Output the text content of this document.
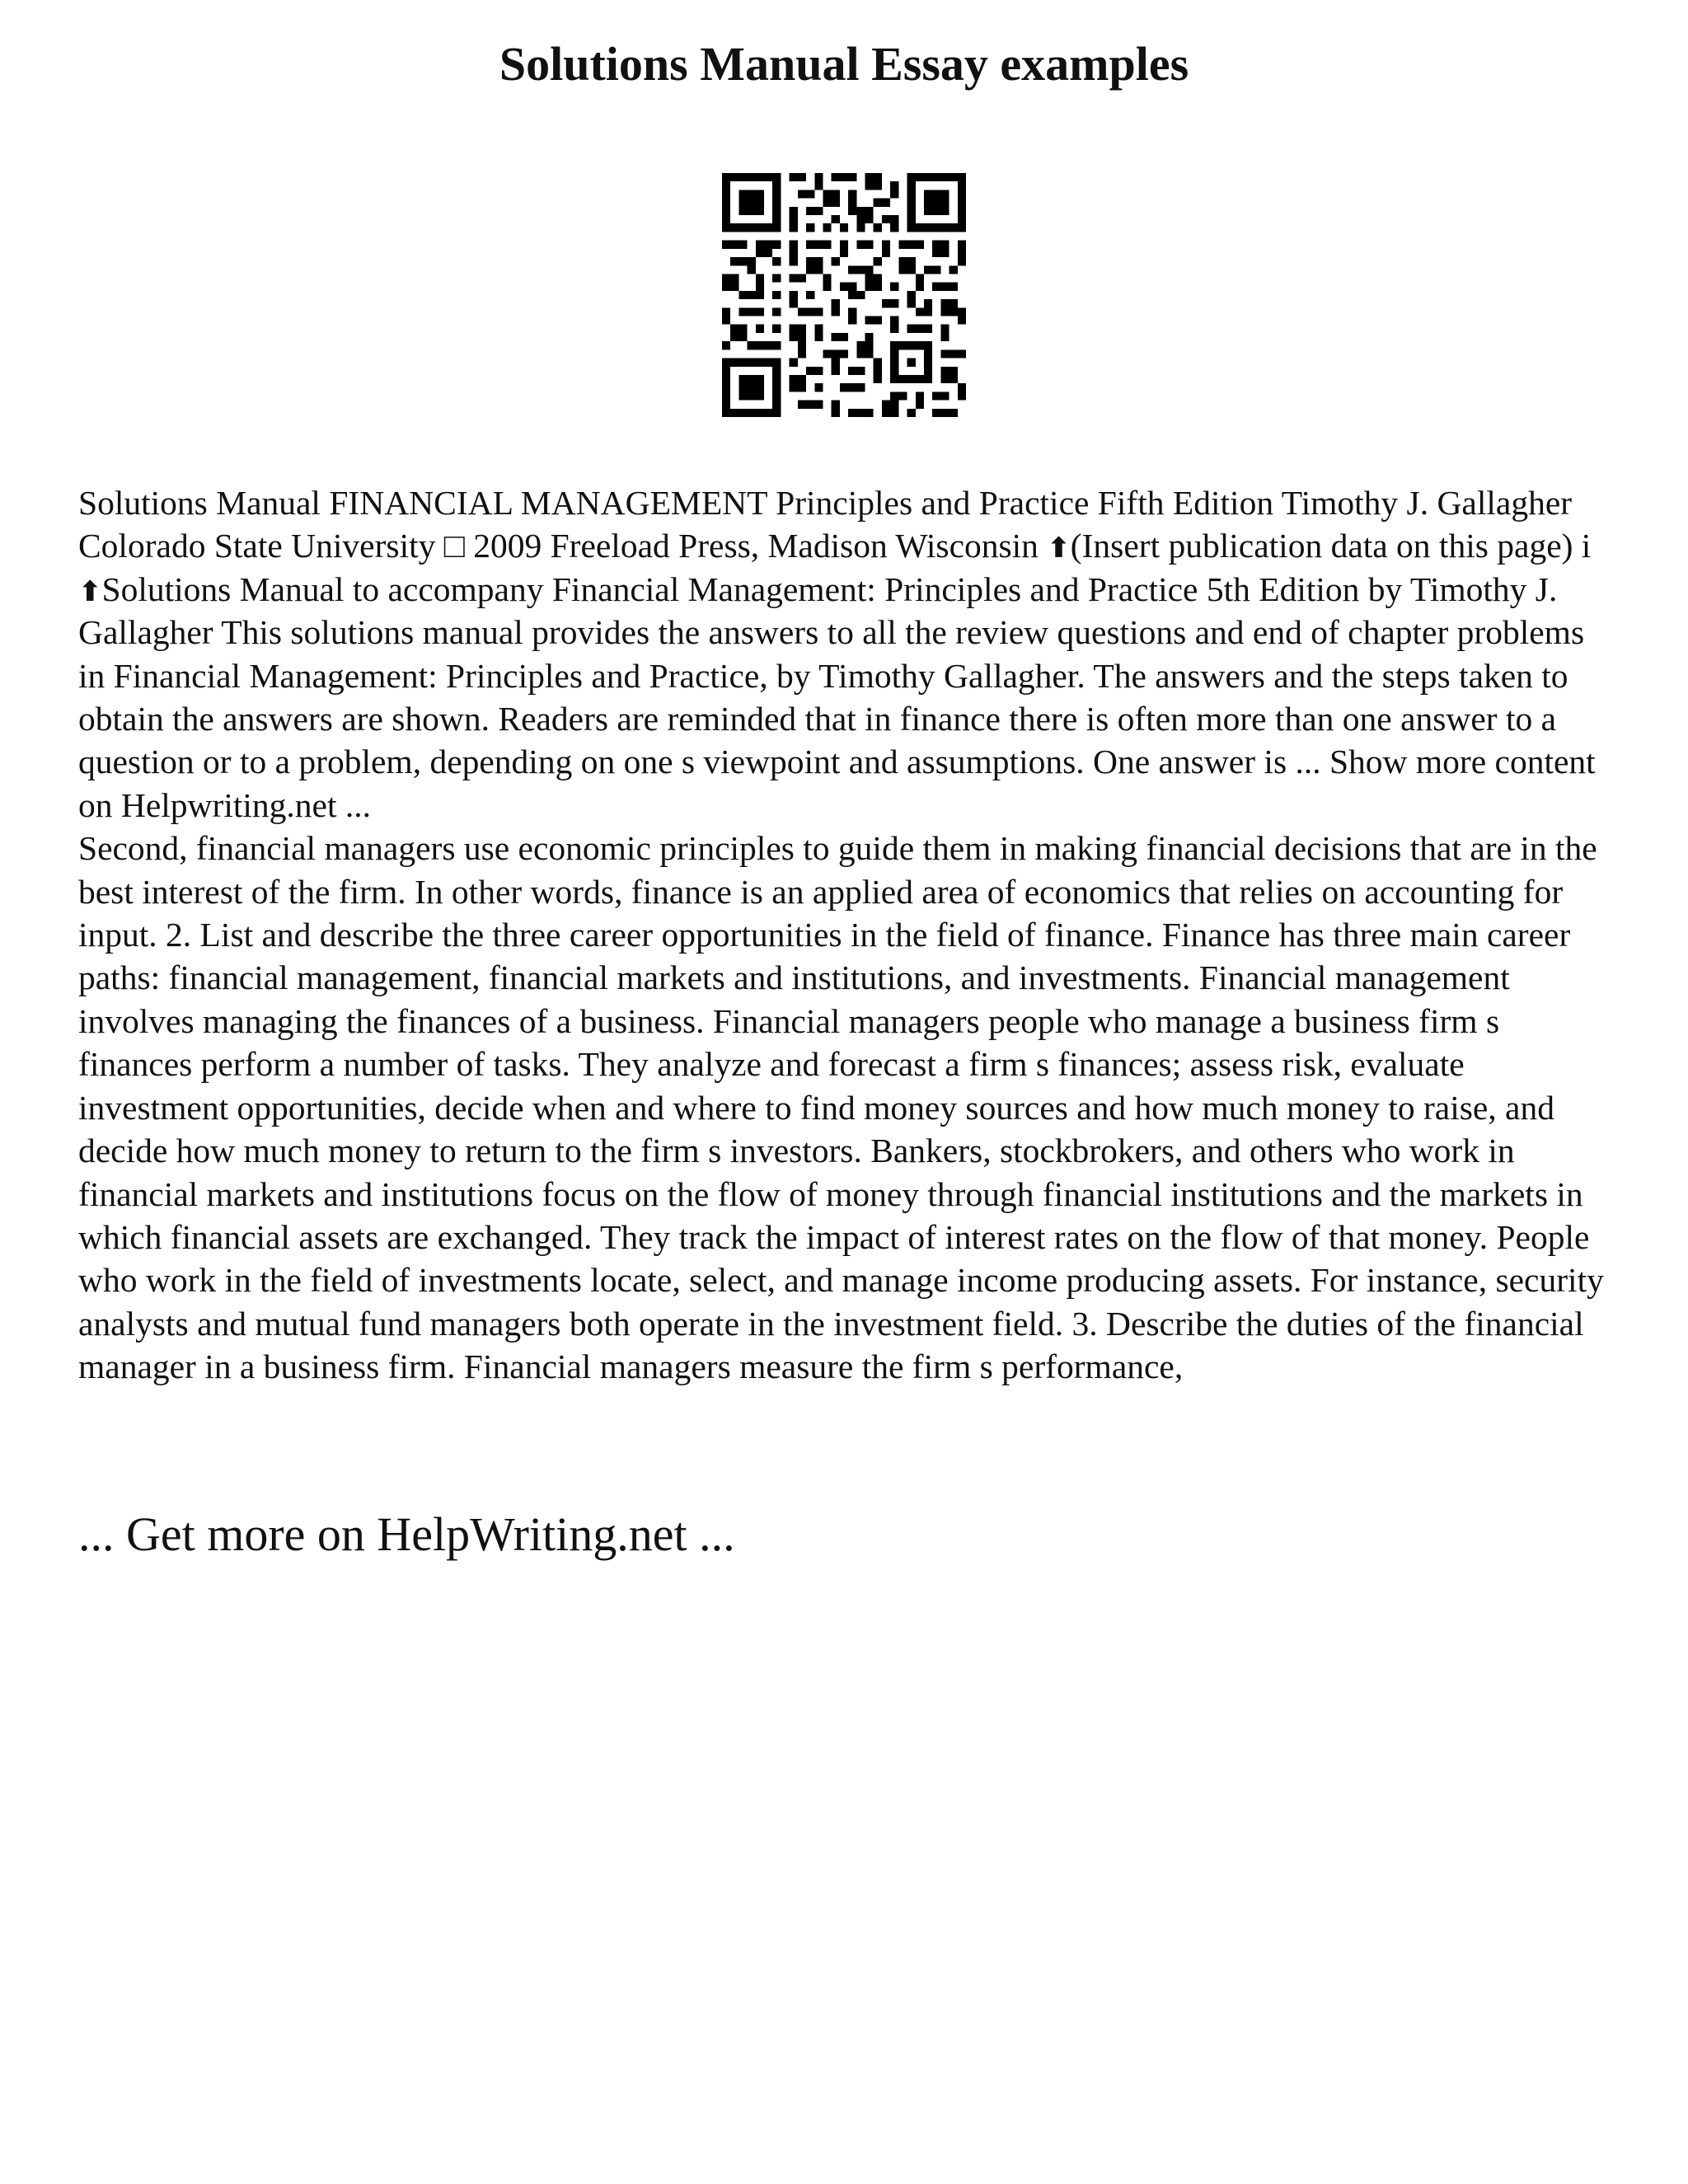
Solutions Manual Essay examples

Solutions Manual FINANCIAL MANAGEMENT Principles and Practice Fifth Edition Timothy J. Gallagher Colorado State University □ 2009 Freeload Press, Madison Wisconsin ⬆(Insert publication data on this page) i ⬆Solutions Manual to accompany Financial Management: Principles and Practice 5th Edition by Timothy J. Gallagher This solutions manual provides the answers to all the review questions and end of chapter problems in Financial Management: Principles and Practice, by Timothy Gallagher. The answers and the steps taken to obtain the answers are shown. Readers are reminded that in finance there is often more than one answer to a question or to a problem, depending on one s viewpoint and assumptions. One answer is ... Show more content on Helpwriting.net ...

Second, financial managers use economic principles to guide them in making financial decisions that are in the best interest of the firm. In other words, finance is an applied area of economics that relies on accounting for input. 2. List and describe the three career opportunities in the field of finance. Finance has three main career paths: financial management, financial markets and institutions, and investments. Financial management involves managing the finances of a business. Financial managers people who manage a business firm s finances perform a number of tasks. They analyze and forecast a firm s finances; assess risk, evaluate investment opportunities, decide when and where to find money sources and how much money to raise, and decide how much money to return to the firm s investors. Bankers, stockbrokers, and others who work in financial markets and institutions focus on the flow of money through financial institutions and the markets in which financial assets are exchanged. They track the impact of interest rates on the flow of that money. People who work in the field of investments locate, select, and manage income producing assets. For instance, security analysts and mutual fund managers both operate in the investment field. 3. Describe the duties of the financial manager in a business firm. Financial managers measure the firm s performance,

... Get more on HelpWriting.net ...
